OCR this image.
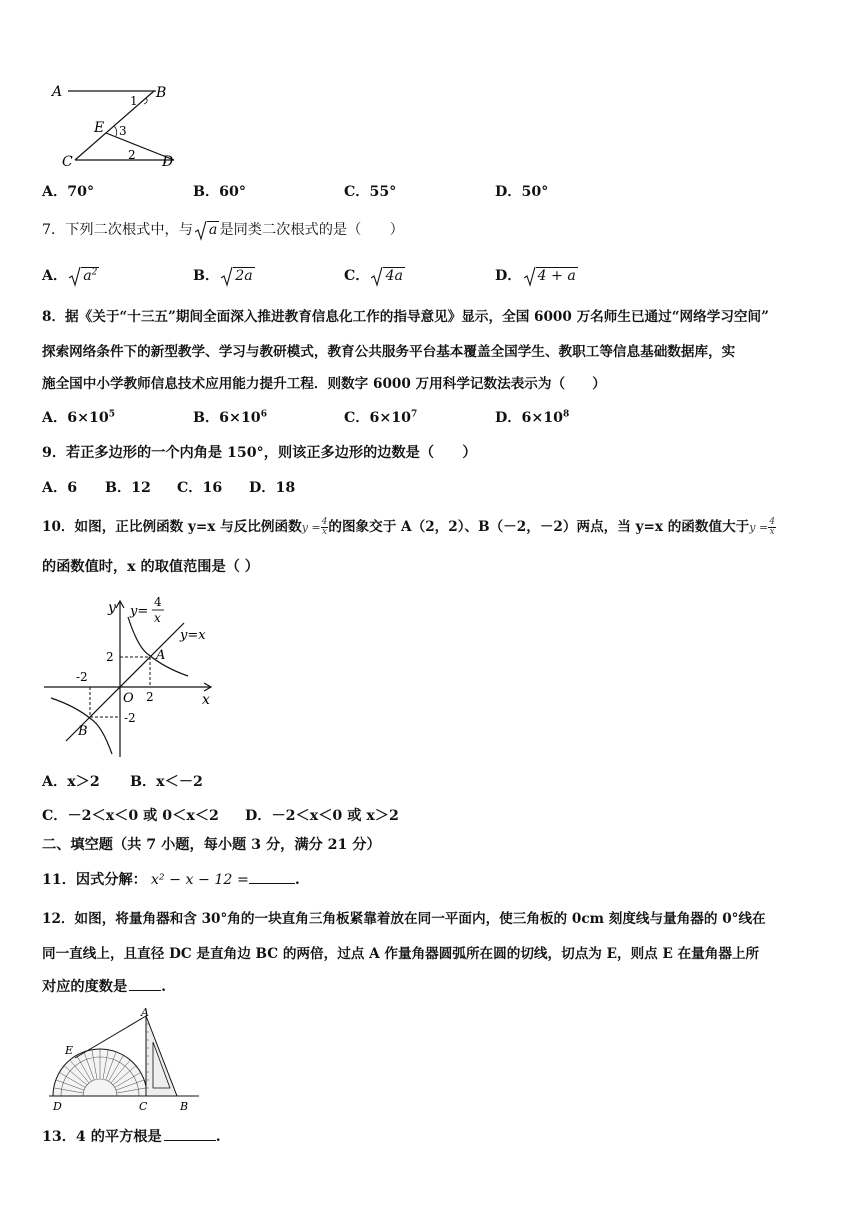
A	B
C	D
E
1
2
3
A．70°	B．60°	C．55°	D．50°
7．下列二次根式中，与 a 是同类二次根式的是（　　）
A． $a^2$	B． 2a	C． 4a	D． 4 + a
8．据《关于“十三五”期间全面深入推进教育信息化工作的指导意见》显示，全国 6000 万名师生已通过“网络学习空间”
探索网络条件下的新型教学、学习与教研模式，教育公共服务平台基本覆盖全国学生、教职工等信息基础数据库，实
施全国中小学教师信息技术应用能力提升工程．则数字 6000 万用科学记数法表示为（　　）
A．$6\times 10^5$	B．$6\times 10^6$	C．$6\times 10^7$	D．$6\times 10^8$
9．若正多边形的一个内角是 150°，则该正多边形的边数是（　　）
A．6 B．12 C．16 D．18
10．如图，正比例函数 y=x 与反比例函数$y = \frac{4}{x}$ 的图象交于 A（2，2）、B（－2，－2）两点，当 y=x 的函数值大于$y = \frac{4}{x}$
的函数值时，x 的取值范围是（ ）
y
x
O
A
B
2
2
-2
-2
y=
4
x
y=x
A．x＞2 B．x＜－2
C．－2＜x＜0 或 0＜x＜2 D．－2＜x＜0 或 x＞2
二、填空题（共 7 小题，每小题 3 分，满分 21 分）
11．因式分解： x² − x − 12 =	.
12．如图，将量角器和含 30°角的一块直角三角板紧靠着放在同一平面内，使三角板的 0cm 刻度线与量角器的 0°线在
同一直线上，且直径 DC 是直角边 BC 的两倍，过点 A 作量角器圆弧所在圆的切线，切点为 E，则点 E 在量角器上所
对应的度数是 .
A
E
D	C	B
13．4 的平方根是	.
